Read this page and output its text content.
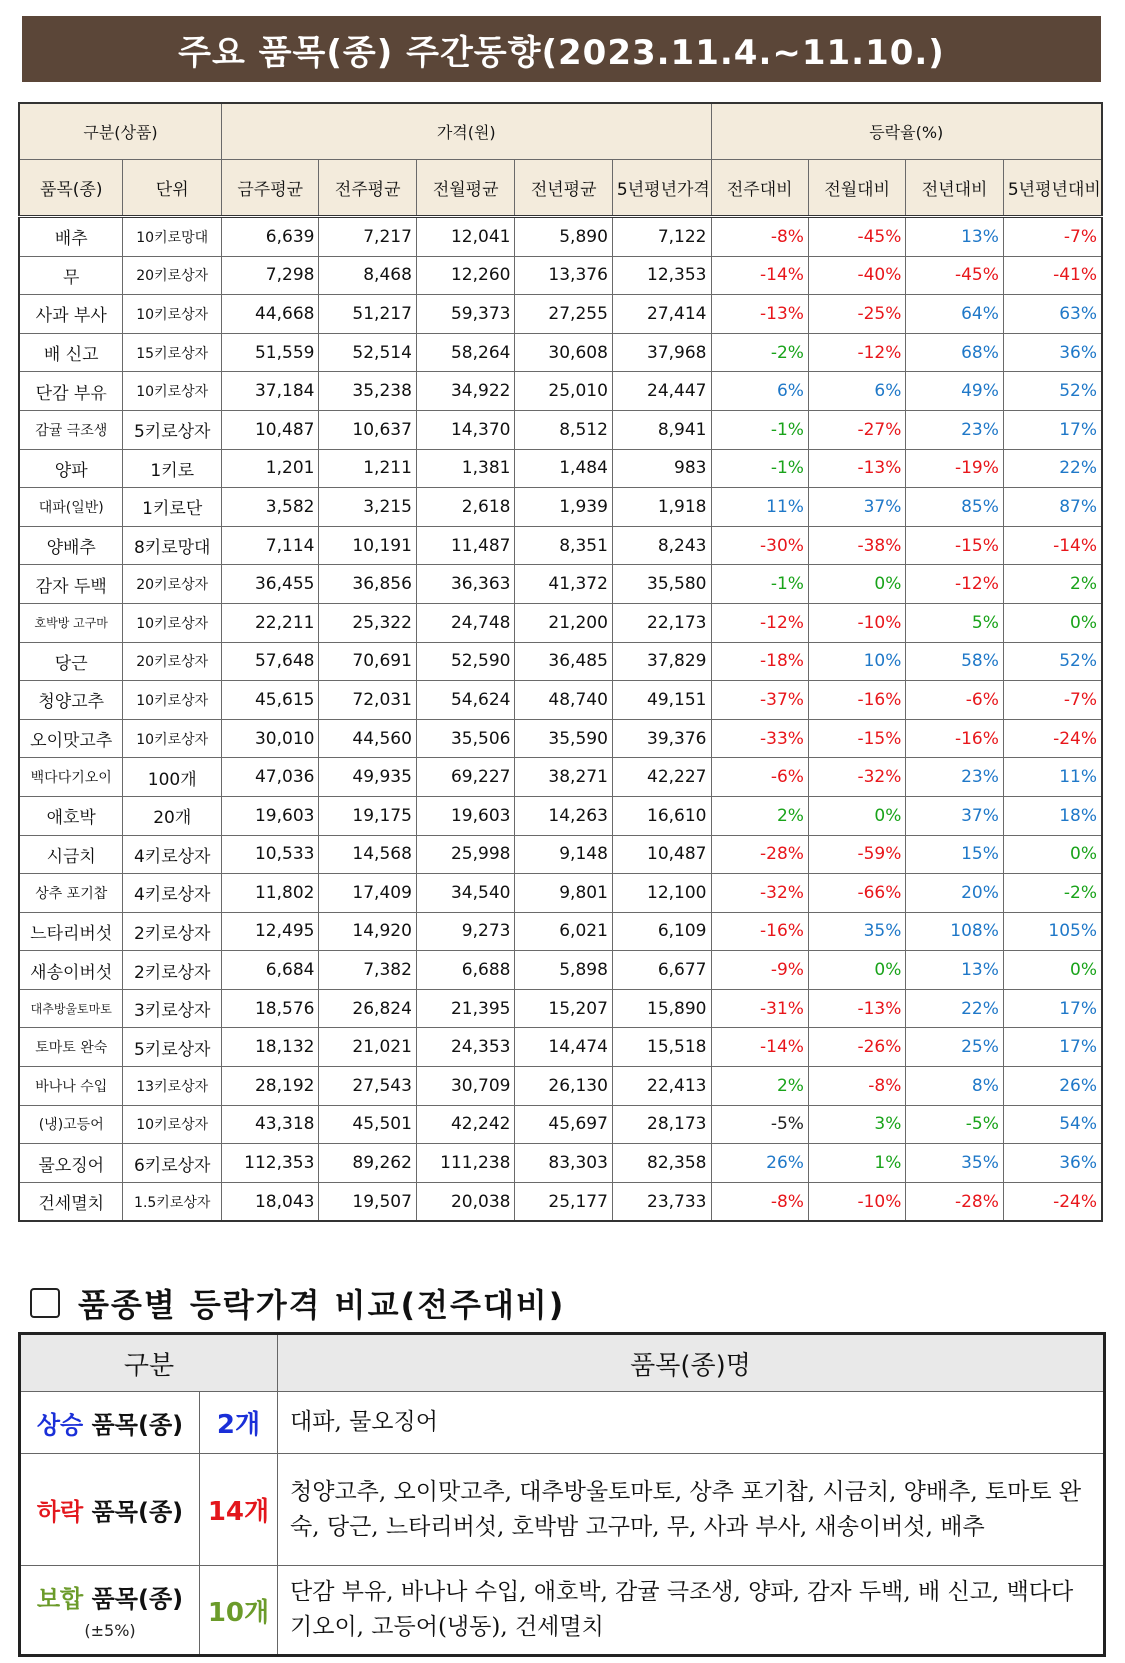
주요 품목(종) 주간동향(2023.11.4.~11.10.)
구분(상품)		가격(원)					등락율(%)			
품목(종)	단위	금주평균	전주평균	전월평균	전년평균	5년평년가격	전주대비	전월대비	전년대비	5년평년대비
배추	10키로망대	6,639	7,217	12,041	5,890	7,122	-8%	-45%	13%	-7%
무	20키로상자	7,298	8,468	12,260	13,376	12,353	-14%	-40%	-45%	-41%
사과 부사	10키로상자	44,668	51,217	59,373	27,255	27,414	-13%	-25%	64%	63%
배 신고	15키로상자	51,559	52,514	58,264	30,608	37,968	-2%	-12%	68%	36%
단감 부유	10키로상자	37,184	35,238	34,922	25,010	24,447	6%	6%	49%	52%
감귤 극조생	5키로상자	10,487	10,637	14,370	8,512	8,941	-1%	-27%	23%	17%
양파	1키로	1,201	1,211	1,381	1,484	983	-1%	-13%	-19%	22%
대파(일반)	1키로단	3,582	3,215	2,618	1,939	1,918	11%	37%	85%	87%
양배추	8키로망대	7,114	10,191	11,487	8,351	8,243	-30%	-38%	-15%	-14%
감자 두백	20키로상자	36,455	36,856	36,363	41,372	35,580	-1%	0%	-12%	2%
호박방 고구마	10키로상자	22,211	25,322	24,748	21,200	22,173	-12%	-10%	5%	0%
당근	20키로상자	57,648	70,691	52,590	36,485	37,829	-18%	10%	58%	52%
청양고추	10키로상자	45,615	72,031	54,624	48,740	49,151	-37%	-16%	-6%	-7%
오이맛고추	10키로상자	30,010	44,560	35,506	35,590	39,376	-33%	-15%	-16%	-24%
백다다기오이	100개	47,036	49,935	69,227	38,271	42,227	-6%	-32%	23%	11%
애호박	20개	19,603	19,175	19,603	14,263	16,610	2%	0%	37%	18%
시금치	4키로상자	10,533	14,568	25,998	9,148	10,487	-28%	-59%	15%	0%
상추 포기찹	4키로상자	11,802	17,409	34,540	9,801	12,100	-32%	-66%	20%	-2%
느타리버섯	2키로상자	12,495	14,920	9,273	6,021	6,109	-16%	35%	108%	105%
새송이버섯	2키로상자	6,684	7,382	6,688	5,898	6,677	-9%	0%	13%	0%
대추방울토마토	3키로상자	18,576	26,824	21,395	15,207	15,890	-31%	-13%	22%	17%
토마토 완숙	5키로상자	18,132	21,021	24,353	14,474	15,518	-14%	-26%	25%	17%
바나나 수입	13키로상자	28,192	27,543	30,709	26,130	22,413	2%	-8%	8%	26%
(냉)고등어	10키로상자	43,318	45,501	42,242	45,697	28,173	-5%	3%	-5%	54%
물오징어	6키로상자	112,353	89,262	111,238	83,303	82,358	26%	1%	35%	36%
건세멸치	1.5키로상자	18,043	19,507	20,038	25,177	23,733	-8%	-10%	-28%	-24%
품종별 등락가격 비교(전주대비)
구분		품목(종)명
상승 품목(종)	2개	대파, 물오징어
하락 품목(종)	14개	청양고추, 오이맛고추, 대추방울토마토, 상추 포기찹, 시금치, 양배추, 토마토 완숙, 당근, 느타리버섯, 호박밤 고구마, 무, 사과 부사, 새송이버섯, 배추
보합 품목(종)
(±5%)	10개	단감 부유, 바나나 수입, 애호박, 감귤 극조생, 양파, 감자 두백, 배 신고, 백다다기오이, 고등어(냉동), 건세멸치
